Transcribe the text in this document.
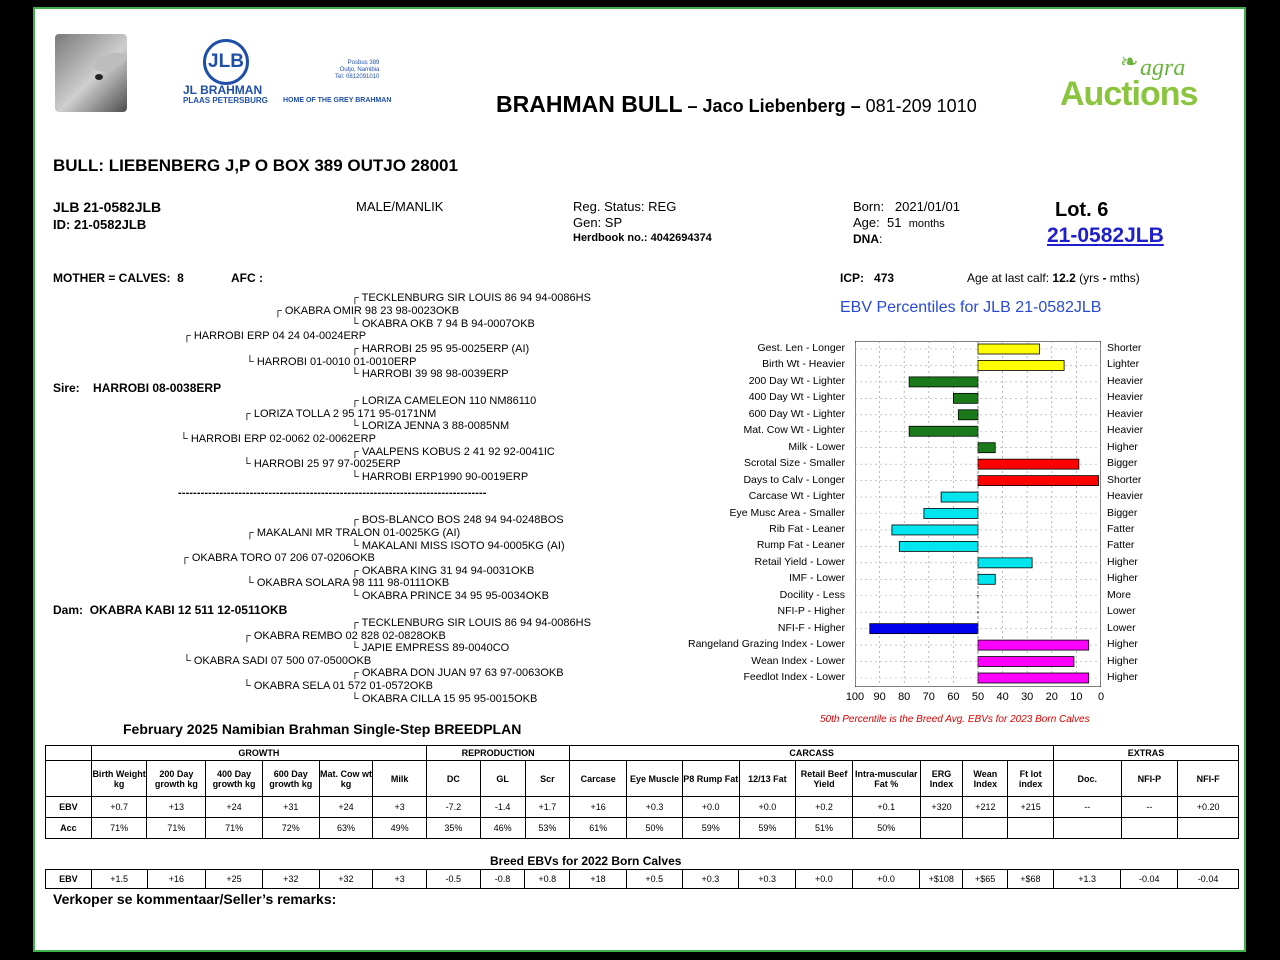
JLB
JL BRAHMAN
PLAAS PETERSBURG HOME OF THE GREY BRAHMAN
Posbus 389
Outjo, Namibia
Tel: 0812091010
BRAHMAN BULL – Jaco Liebenberg – 081-209 1010
❧ agra
Auctions
BULL: LIEBENBERG J,P O BOX 389 OUTJO 28001
JLB 21-0582JLB
ID: 21-0582JLB
MALE/MANLIK	Reg. Status: REG
Gen: SP
Herdbook no.: 4042694374
Born: 2021/01/01
Age: 51 months
DNA:
Lot. 6
21-0582JLB
MOTHER = CALVES: 8	AFC :	ICP: 473	Age at last calf: 12.2 (yrs - mths)
┌ TECKLENBURG SIR LOUIS 86 94 94-0086HS
┌ OKABRA OMIR 98 23 98-0023OKB
└ OKABRA OKB 7 94 B 94-0007OKB
┌ HARROBI ERP 04 24 04-0024ERP
┌ HARROBI 25 95 95-0025ERP (AI)
└ HARROBI 01-0010 01-0010ERP
└ HARROBI 39 98 98-0039ERP
Sire: HARROBI 08-0038ERP
┌ LORIZA CAMELEON 110 NM86110
┌ LORIZA TOLLA 2 95 171 95-0171NM
└ LORIZA JENNA 3 88-0085NM
└ HARROBI ERP 02-0062 02-0062ERP
┌ VAALPENS KOBUS 2 41 92 92-0041IC
└ HARROBI 25 97 97-0025ERP
└ HARROBI ERP1990 90-0019ERP
----------------------------------------------------------------------------------
┌ BOS-BLANCO BOS 248 94 94-0248BOS
┌ MAKALANI MR TRALON 01-0025KG (AI)
└ MAKALANI MISS ISOTO 94-0005KG (AI)
┌ OKABRA TORO 07 206 07-0206OKB
┌ OKABRA KING 31 94 94-0031OKB
└ OKABRA SOLARA 98 111 98-0111OKB
└ OKABRA PRINCE 34 95 95-0034OKB
Dam: OKABRA KABI 12 511 12-0511OKB
┌ TECKLENBURG SIR LOUIS 86 94 94-0086HS
┌ OKABRA REMBO 02 828 02-0828OKB
└ JAPIE EMPRESS 89-0040CO
└ OKABRA SADI 07 500 07-0500OKB
┌ OKABRA DON JUAN 97 63 97-0063OKB
└ OKABRA SELA 01 572 01-0572OKB
└ OKABRA CILLA 15 95 95-0015OKB
EBV Percentiles for JLB 21-0582JLB
Gest. Len - Longer	Shorter
Birth Wt - Heavier	Lighter
200 Day Wt - Lighter	Heavier
400 Day Wt - Lighter	Heavier
600 Day Wt - Lighter	Heavier
Mat. Cow Wt - Lighter	Heavier
Milk - Lower	Higher
Scrotal Size - Smaller	Bigger
Days to Calv - Longer	Shorter
Carcase Wt - Lighter	Heavier
Eye Musc Area - Smaller	Bigger
Rib Fat - Leaner	Fatter
Rump Fat - Leaner	Fatter
Retail Yield - Lower	Higher
IMF - Lower	Higher
Docility - Less	More
NFI-P - Higher	Lower
NFI-F - Higher	Lower
Rangeland Grazing Index - Lower	Higher
Wean Index - Lower	Higher
Feedlot Index - Lower	Higher
100 90	80	70	60	50	40	30	20	10	0
50th Percentile is the Breed Avg. EBVs for 2023 Born Calves
February 2025 Namibian Brahman Single-Step BREEDPLAN
	GROWTH						REPRODUCTION			CARCASS									EXTRAS		
	Birth Weight kg	200 Day growth kg	400 Day growth kg	600 Day growth kg	Mat. Cow wt kg	Milk	DC	GL	Scr	Carcase	Eye Muscle	P8 Rump Fat	12/13 Fat	Retail Beef Yield	Intra-muscular Fat %	ERG Index	Wean Index	Ft lot index	Doc.	NFI-P	NFI-F
EBV	+0.7	+13	+24	+31	+24	+3	-7.2	-1.4	+1.7	+16	+0.3	+0.0	+0.0	+0.2	+0.1	+320	+212	+215	--	--	+0.20
Acc	71%	71%	71%	72%	63%	49%	35%	46%	53%	61%	50%	59%	59%	51%	50%						
Breed EBVs for 2022 Born Calves
EBV	+1.5	+16	+25	+32	+32	+3	-0.5	-0.8	+0.8	+18	+0.5	+0.3	+0.3	+0.0	+0.0	+$108	+$65	+$68	+1.3	-0.04	-0.04
Verkoper se kommentaar/Seller’s remarks:
